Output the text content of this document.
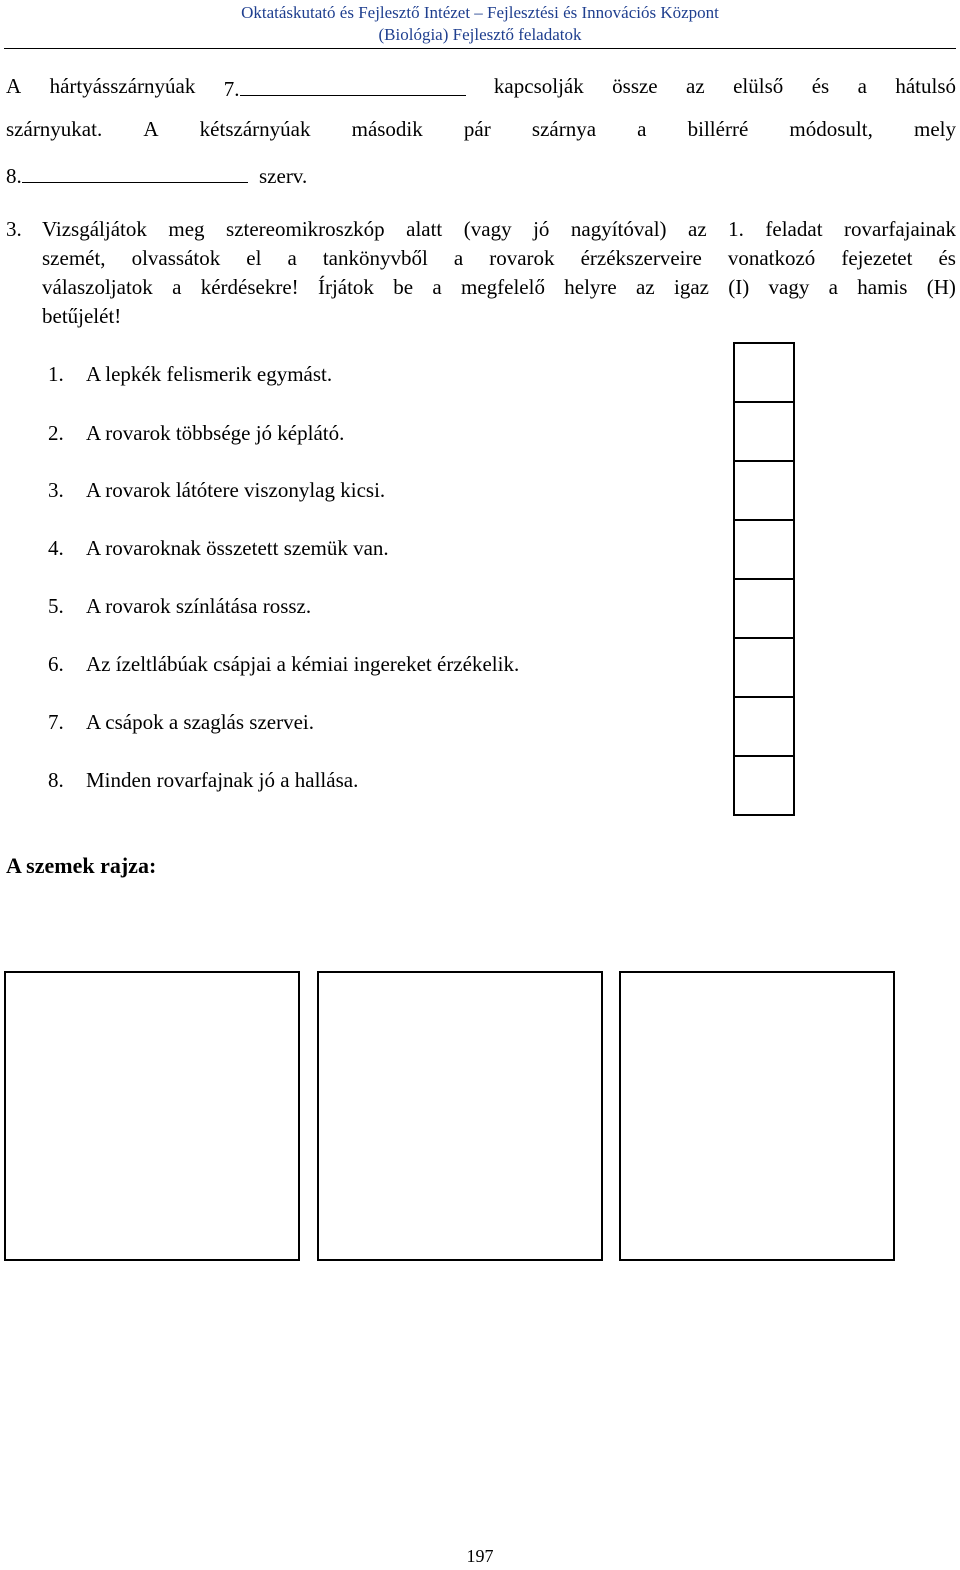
Oktatáskutató és Fejlesztő Intézet – Fejlesztési és Innovációs Központ
(Biológia) Fejlesztő feladatok
A hártyásszárnyúak 7.	kapcsolják össze az elülső és a hátulsó
szárnyukat. A kétszárnyúak második pár szárnya a billérré módosult, mely
8.	szerv.
3. Vizsgáljátok meg sztereomikroszkóp alatt (vagy jó nagyítóval) az 1. feladat rovarfajainak
szemét, olvassátok el a tankönyvből a rovarok érzékszerveire vonatkozó fejezetet és
válaszoljatok a kérdésekre! Írjátok be a megfelelő helyre az igaz (I) vagy a hamis (H)
betűjelét!
1. A lepkék felismerik egymást.
2. A rovarok többsége jó képlátó.
3. A rovarok látótere viszonylag kicsi.
4. A rovaroknak összetett szemük van.
5. A rovarok színlátása rossz.
6. Az ízeltlábúak csápjai a kémiai ingereket érzékelik.
7. A csápok a szaglás szervei.
8. Minden rovarfajnak jó a hallása.
A szemek rajza:
197
